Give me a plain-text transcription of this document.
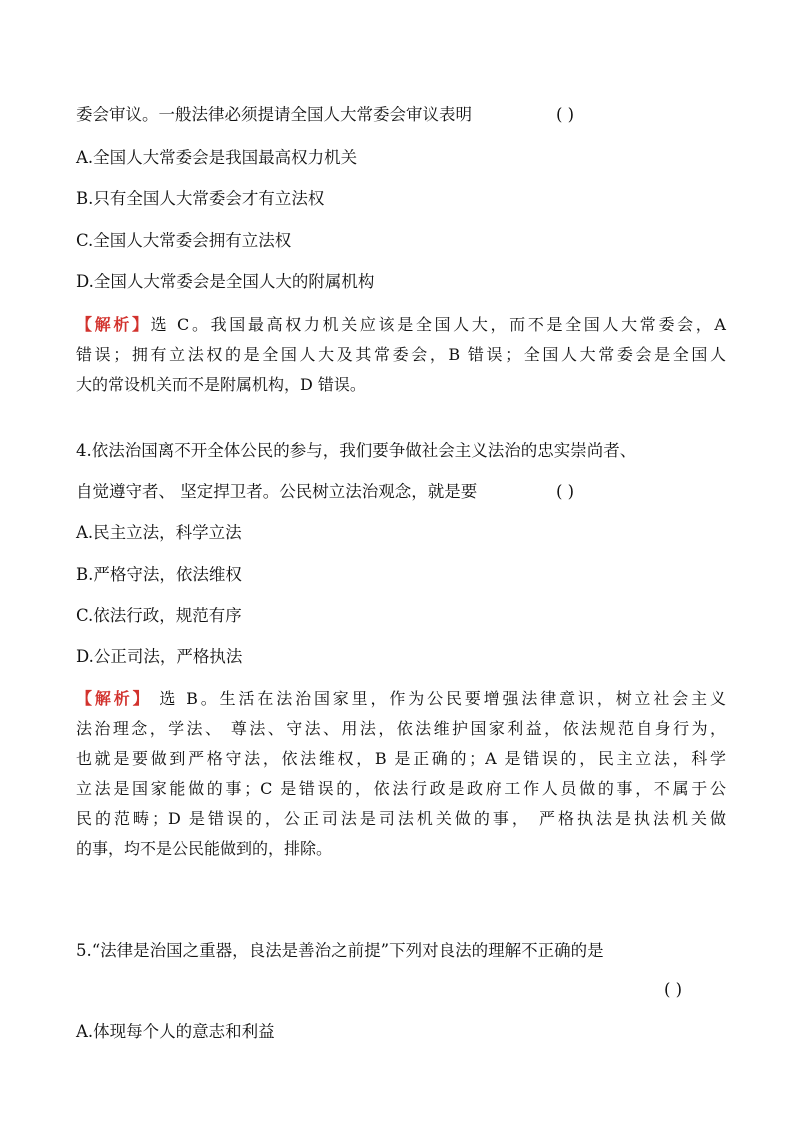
委会审议。一般法律必须提请全国人大常委会审议表明	( )
A.全国人大常委会是我国最高权力机关
B.只有全国人大常委会才有立法权
C.全国人大常委会拥有立法权
D.全国人大常委会是全国人大的附属机构
【解析】选 C。我国最高权力机关应该是全国人大，而不是全国人大常委会，A
错误；拥有立法权的是全国人大及其常委会，B 错误；全国人大常委会是全国人
大的常设机关而不是附属机构，D 错误。
4.依法治国离不开全体公民的参与，我们要争做社会主义法治的忠实崇尚者、
自觉遵守者、 坚定捍卫者。公民树立法治观念，就是要	( )
A.民主立法，科学立法
B.严格守法，依法维权
C.依法行政，规范有序
D.公正司法，严格执法
【解析】 选 B。生活在法治国家里，作为公民要增强法律意识，树立社会主义
法治理念，学法、 尊法、守法、用法，依法维护国家利益，依法规范自身行为，
也就是要做到严格守法，依法维权，B 是正确的；A 是错误的，民主立法，科学
立法是国家能做的事；C 是错误的，依法行政是政府工作人员做的事，不属于公
民的范畴；D 是错误的，公正司法是司法机关做的事， 严格执法是执法机关做
的事，均不是公民能做到的，排除。
5.“法律是治国之重器，良法是善治之前提”下列对良法的理解不正确的是
( )
A.体现每个人的意志和利益
